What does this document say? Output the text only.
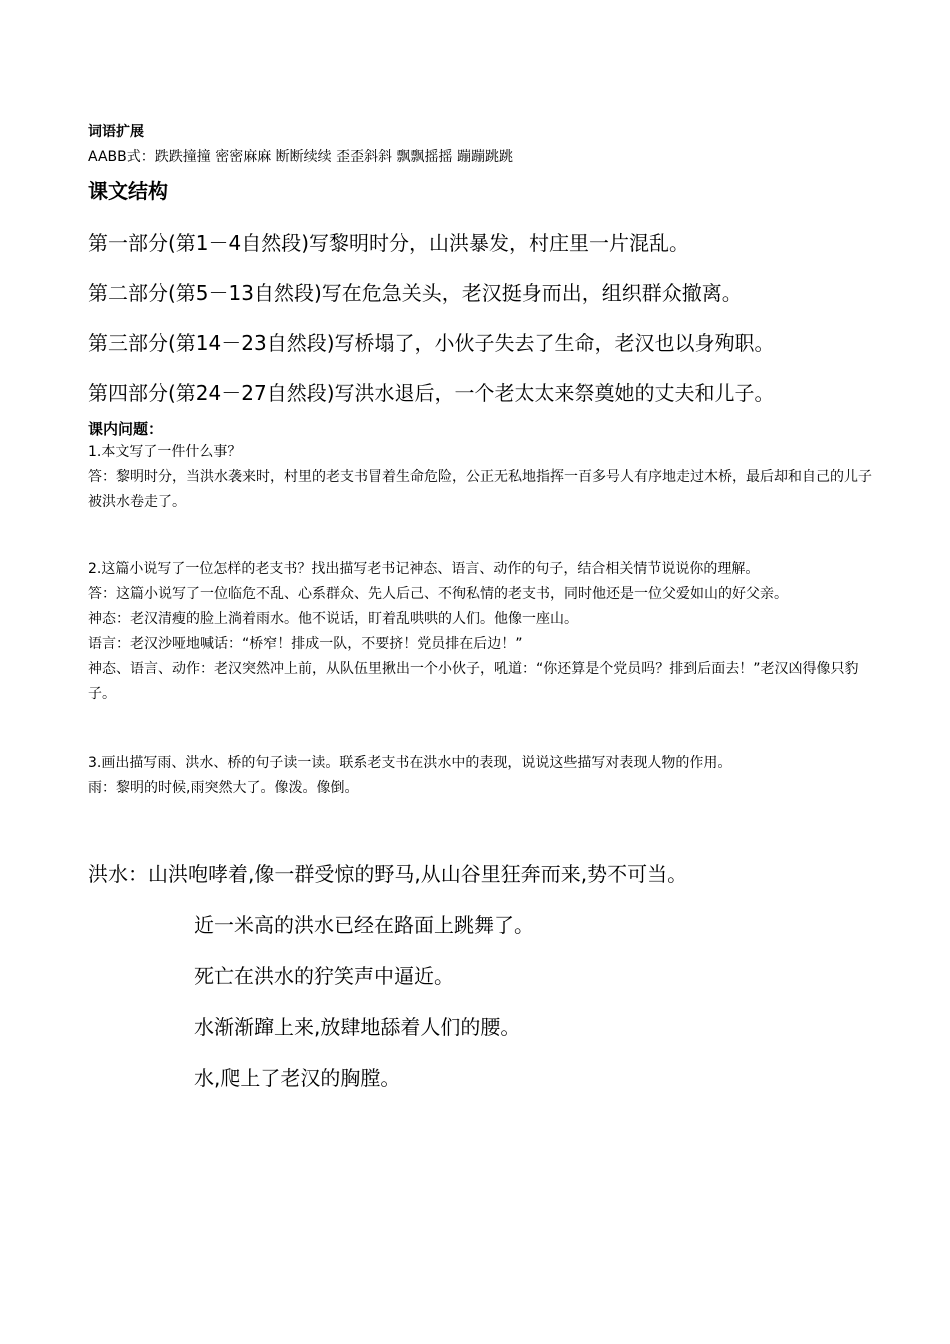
词语扩展
AABB式：跌跌撞撞 密密麻麻 断断续续 歪歪斜斜 飘飘摇摇 蹦蹦跳跳
课文结构
第一部分(第1－4自然段)写黎明时分，山洪暴发，村庄里一片混乱。
第二部分(第5－13自然段)写在危急关头，老汉挺身而出，组织群众撤离。
第三部分(第14－23自然段)写桥塌了，小伙子失去了生命，老汉也以身殉职。
第四部分(第24－27自然段)写洪水退后，一个老太太来祭奠她的丈夫和儿子。
课内问题：
1.本文写了一件什么事？
答：黎明时分，当洪水袭来时，村里的老支书冒着生命危险，公正无私地指挥一百多号人有序地走过木桥，最后却和自己的儿子被洪水卷走了。
2.这篇小说写了一位怎样的老支书？找出描写老书记神态、语言、动作的句子，结合相关情节说说你的理解。
答：这篇小说写了一位临危不乱、心系群众、先人后己、不徇私情的老支书，同时他还是一位父爱如山的好父亲。
神态：老汉清瘦的脸上淌着雨水。他不说话，盯着乱哄哄的人们。他像一座山。
语言：老汉沙哑地喊话：“桥窄！排成一队，不要挤！党员排在后边！”
神态、语言、动作：老汉突然冲上前，从队伍里揪出一个小伙子，吼道：“你还算是个党员吗？排到后面去！”老汉凶得像只豹子。
3.画出描写雨、洪水、桥的句子读一读。联系老支书在洪水中的表现，说说这些描写对表现人物的作用。
雨：黎明的时候,雨突然大了。像泼。像倒。
洪水：山洪咆哮着,像一群受惊的野马,从山谷里狂奔而来,势不可当。
近一米高的洪水已经在路面上跳舞了。
死亡在洪水的狞笑声中逼近。
水渐渐蹿上来,放肆地舔着人们的腰。
水,爬上了老汉的胸膛。
